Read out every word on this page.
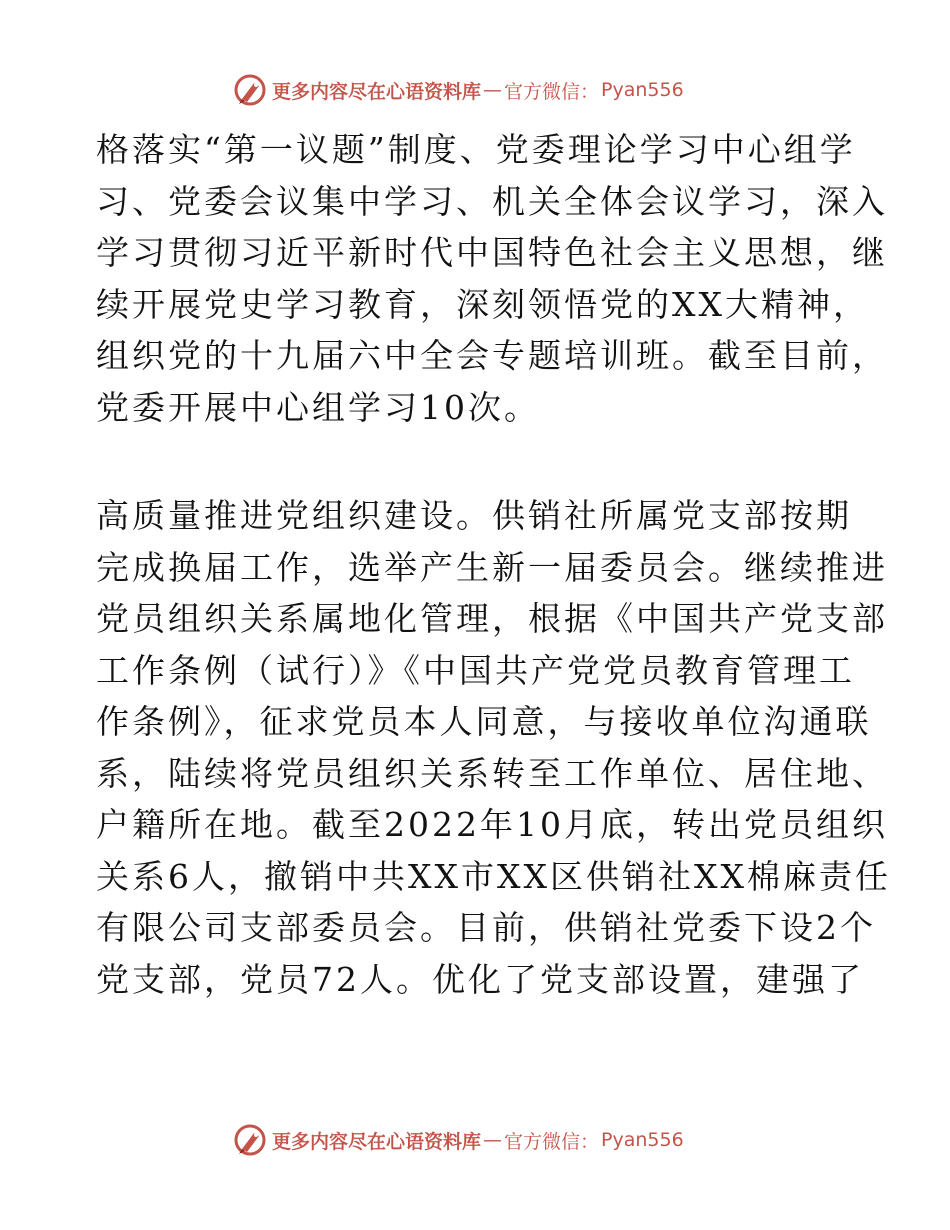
更多内容尽在心语资料库 — 官方微信： Pyan556
格落实“第一议题”制度、党委理论学习中心组学
习、党委会议集中学习、机关全体会议学习，深入
学习贯彻习近平新时代中国特色社会主义思想，继
续开展党史学习教育，深刻领悟党的XX大精神，
组织党的十九届六中全会专题培训班。截至目前，
党委开展中心组学习10次。
高质量推进党组织建设。供销社所属党支部按期
完成换届工作，选举产生新一届委员会。继续推进
党员组织关系属地化管理，根据《中国共产党支部
工作条例（试行）》《中国共产党党员教育管理工
作条例》，征求党员本人同意，与接收单位沟通联
系，陆续将党员组织关系转至工作单位、居住地、
户籍所在地。截至2022年10月底，转出党员组织
关系6人，撤销中共XX市XX区供销社XX棉麻责任
有限公司支部委员会。目前，供销社党委下设2个
党支部，党员72人。优化了党支部设置，建强了
更多内容尽在心语资料库 — 官方微信： Pyan556
